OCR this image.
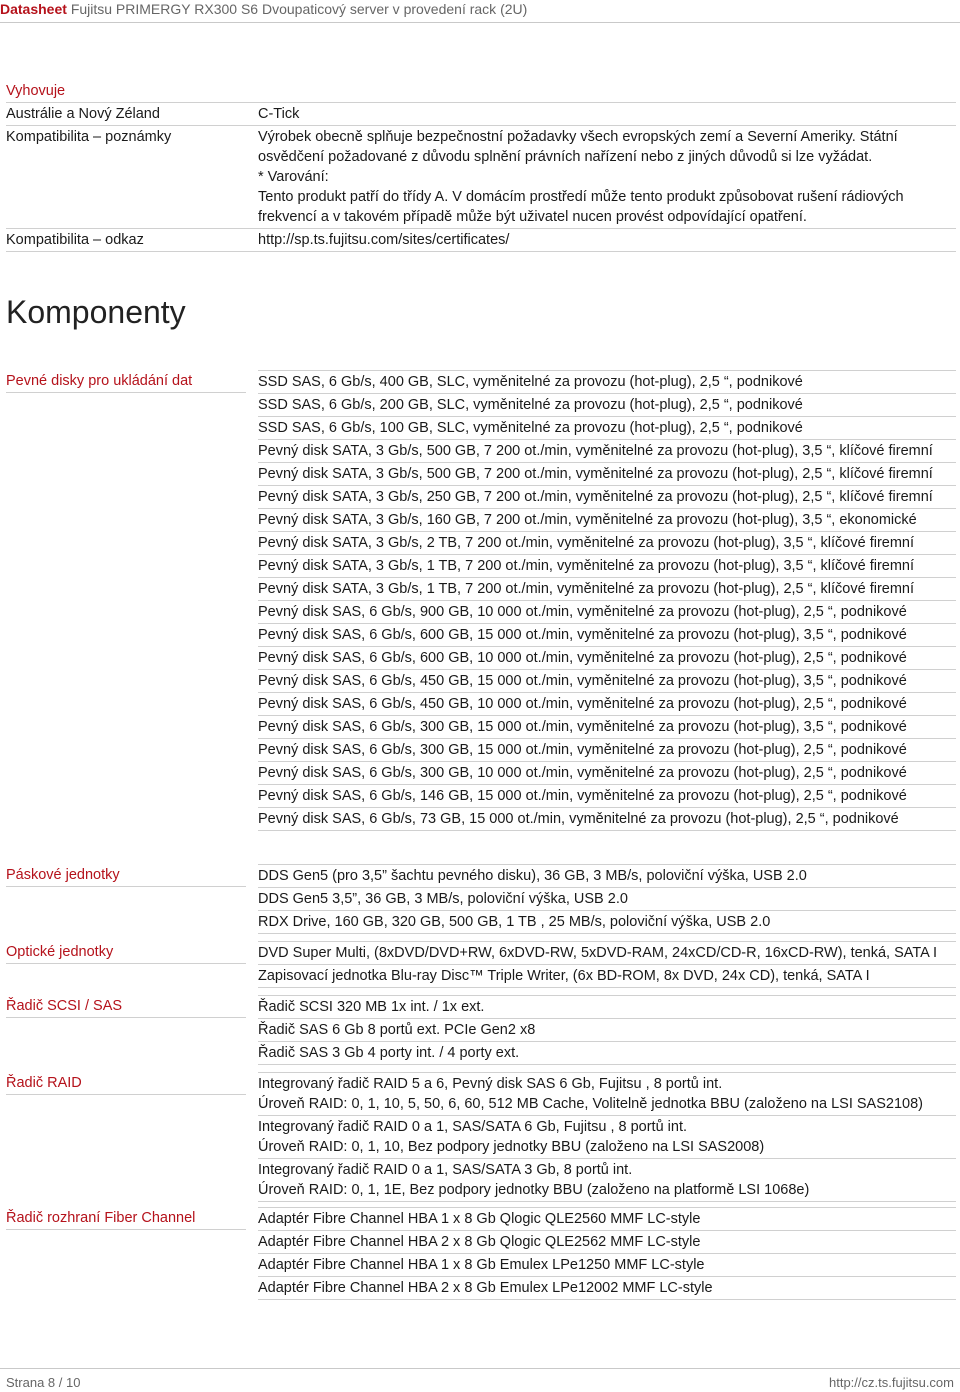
Datasheet Fujitsu PRIMERGY RX300 S6 Dvoupaticový server v provedení rack (2U)
Vyhovuje
Austrálie a Nový Zéland	C-Tick
Kompatibilita – poznámky	Výrobek obecně splňuje bezpečnostní požadavky všech evropských zemí a Severní Ameriky. Státní osvědčení požadované z důvodu splnění právních nařízení nebo z jiných důvodů si lze vyžádat.
* Varování:
Tento produkt patří do třídy A. V domácím prostředí může tento produkt způsobovat rušení rádiových frekvencí a v takovém případě může být uživatel nucen provést odpovídající opatření.
Kompatibilita – odkaz	http://sp.ts.fujitsu.com/sites/certificates/
Komponenty
Pevné disky pro ukládání dat	SSD SAS, 6 Gb/s, 400 GB, SLC, vyměnitelné za provozu (hot-plug), 2,5 “, podnikové
SSD SAS, 6 Gb/s, 200 GB, SLC, vyměnitelné za provozu (hot-plug), 2,5 “, podnikové
SSD SAS, 6 Gb/s, 100 GB, SLC, vyměnitelné za provozu (hot-plug), 2,5 “, podnikové
Pevný disk SATA, 3 Gb/s, 500 GB, 7 200 ot./min, vyměnitelné za provozu (hot-plug), 3,5 “, klíčové firemní
Pevný disk SATA, 3 Gb/s, 500 GB, 7 200 ot./min, vyměnitelné za provozu (hot-plug), 2,5 “, klíčové firemní
Pevný disk SATA, 3 Gb/s, 250 GB, 7 200 ot./min, vyměnitelné za provozu (hot-plug), 2,5 “, klíčové firemní
Pevný disk SATA, 3 Gb/s, 160 GB, 7 200 ot./min, vyměnitelné za provozu (hot-plug), 3,5 “, ekonomické
Pevný disk SATA, 3 Gb/s, 2 TB, 7 200 ot./min, vyměnitelné za provozu (hot-plug), 3,5 “, klíčové firemní
Pevný disk SATA, 3 Gb/s, 1 TB, 7 200 ot./min, vyměnitelné za provozu (hot-plug), 3,5 “, klíčové firemní
Pevný disk SATA, 3 Gb/s, 1 TB, 7 200 ot./min, vyměnitelné za provozu (hot-plug), 2,5 “, klíčové firemní
Pevný disk SAS, 6 Gb/s, 900 GB, 10 000 ot./min, vyměnitelné za provozu (hot-plug), 2,5 “, podnikové
Pevný disk SAS, 6 Gb/s, 600 GB, 15 000 ot./min, vyměnitelné za provozu (hot-plug), 3,5 “, podnikové
Pevný disk SAS, 6 Gb/s, 600 GB, 10 000 ot./min, vyměnitelné za provozu (hot-plug), 2,5 “, podnikové
Pevný disk SAS, 6 Gb/s, 450 GB, 15 000 ot./min, vyměnitelné za provozu (hot-plug), 3,5 “, podnikové
Pevný disk SAS, 6 Gb/s, 450 GB, 10 000 ot./min, vyměnitelné za provozu (hot-plug), 2,5 “, podnikové
Pevný disk SAS, 6 Gb/s, 300 GB, 15 000 ot./min, vyměnitelné za provozu (hot-plug), 3,5 “, podnikové
Pevný disk SAS, 6 Gb/s, 300 GB, 15 000 ot./min, vyměnitelné za provozu (hot-plug), 2,5 “, podnikové
Pevný disk SAS, 6 Gb/s, 300 GB, 10 000 ot./min, vyměnitelné za provozu (hot-plug), 2,5 “, podnikové
Pevný disk SAS, 6 Gb/s, 146 GB, 15 000 ot./min, vyměnitelné za provozu (hot-plug), 2,5 “, podnikové
Pevný disk SAS, 6 Gb/s, 73 GB, 15 000 ot./min, vyměnitelné za provozu (hot-plug), 2,5 “, podnikové
Páskové jednotky	DDS Gen5 (pro 3,5” šachtu pevného disku), 36 GB, 3 MB/s, poloviční výška, USB 2.0
DDS Gen5 3,5”, 36 GB, 3 MB/s, poloviční výška, USB 2.0
RDX Drive, 160 GB, 320 GB, 500 GB, 1 TB , 25 MB/s, poloviční výška, USB 2.0
Optické jednotky	DVD Super Multi, (8xDVD/DVD+RW, 6xDVD-RW, 5xDVD-RAM, 24xCD/CD-R, 16xCD-RW), tenká, SATA I
Zapisovací jednotka Blu-ray Disc™ Triple Writer, (6x BD-ROM, 8x DVD, 24x CD), tenká, SATA I
Řadič SCSI / SAS	Řadič SCSI 320 MB 1x int. / 1x ext.
Řadič SAS 6 Gb 8 portů ext. PCIe Gen2 x8
Řadič SAS 3 Gb 4 porty int. / 4 porty ext.
Řadič RAID	Integrovaný řadič RAID 5 a 6, Pevný disk SAS 6 Gb, Fujitsu , 8 portů int.
Úroveň RAID: 0, 1, 10, 5, 50, 6, 60, 512 MB Cache, Volitelně jednotka BBU (založeno na LSI SAS2108)
Integrovaný řadič RAID 0 a 1, SAS/SATA 6 Gb, Fujitsu , 8 portů int.
Úroveň RAID: 0, 1, 10, Bez podpory jednotky BBU (založeno na LSI SAS2008)
Integrovaný řadič RAID 0 a 1, SAS/SATA 3 Gb, 8 portů int.
Úroveň RAID: 0, 1, 1E, Bez podpory jednotky BBU (založeno na platformě LSI 1068e)
Řadič rozhraní Fiber Channel	Adaptér Fibre Channel HBA 1 x 8 Gb Qlogic QLE2560 MMF LC-style
Adaptér Fibre Channel HBA 2 x 8 Gb Qlogic QLE2562 MMF LC-style
Adaptér Fibre Channel HBA 1 x 8 Gb Emulex LPe1250 MMF LC-style
Adaptér Fibre Channel HBA 2 x 8 Gb Emulex LPe12002 MMF LC-style
Strana 8 / 10	http://cz.ts.fujitsu.com
